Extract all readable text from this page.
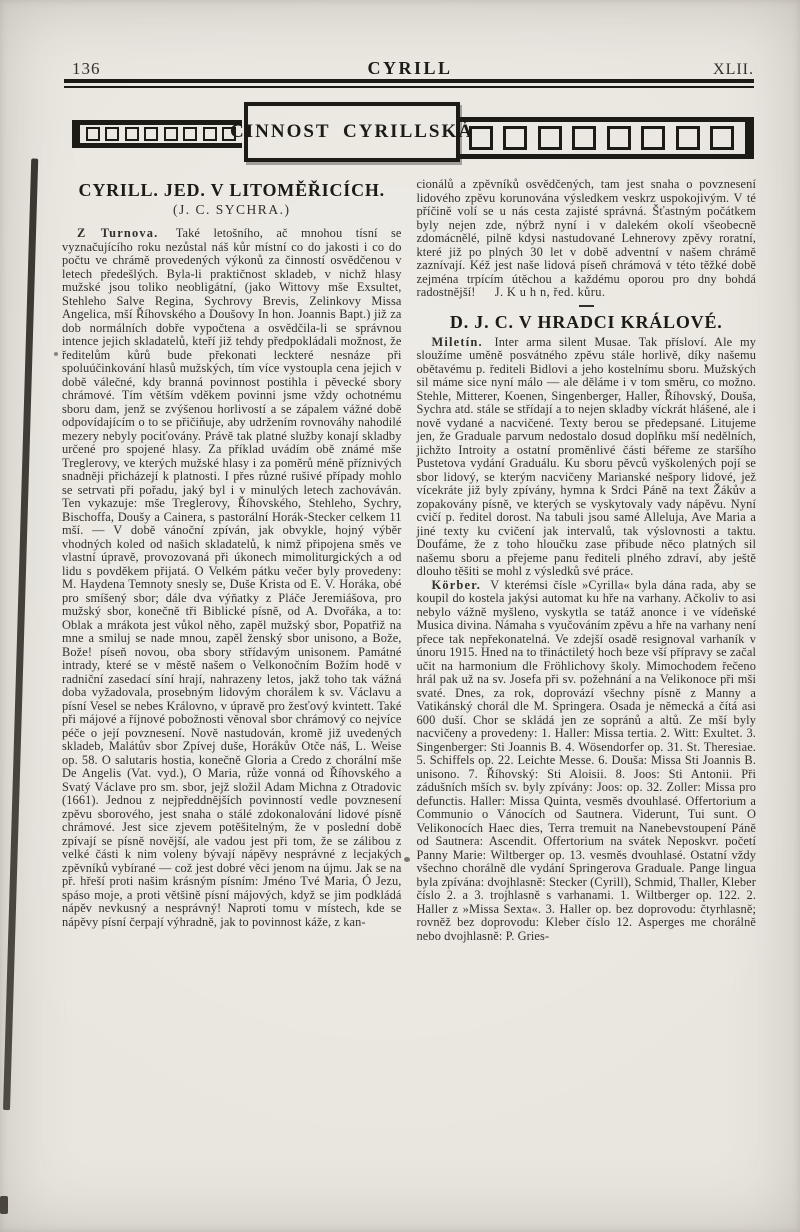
136	CYRILL	XLII.
ČINNOST CYRILLSKÁ
CYRILL. JED. V LITOMĚŘICÍCH.
(J. C. SYCHRA.)

Z Turnova. Také letošního, ač mnohou tísní se vyznačujícího roku nezůstal náš kůr místní co do jakosti i co do počtu ve chrámě provedených výkonů za činností osvědčenou v letech předešlých. Byla-li praktičnost skladeb, v nichž hlasy mužské jsou toliko neobligátní, (jako Wittovy mše Exsultet, Stehleho Salve Regina, Sychrovy Brevis, Zelinkovy Missa Angelica, mší Říhovského a Doušovy In hon. Joannis Bapt.) již za dob normálních dobře vypočtena a osvědčila-li se správnou intence jejich skladatelů, kteří již tehdy předpokládali možnost, že ředitelům kůrů bude překonati leckteré nesnáze při spoluúčinkování hlasů mužských, tím více vystoupla cena jejich v době válečné, kdy branná povinnost postihla i pěvecké sbory chrámové. Tím větším vděkem povinni jsme vždy ochotnému sboru dam, jenž se zvýšenou horlivostí a se zápalem vážné době odpovídajícím o to se přičiňuje, aby udržením rovnováhy nahodilé mezery nebyly pociťovány. Právě tak platné služby konají skladby určené pro spojené hlasy. Za příklad uvádím obě známé mše Treglerovy, ve kterých mužské hlasy i za poměrů méně příznivých snadněji přicházejí k platnosti. I přes různé rušivé případy mohlo se setrvati při pořadu, jaký byl i v minulých letech zachováván. Ten vykazuje: mše Treglerovy, Říhovského, Stehleho, Sychry, Bischoffa, Doušy a Cainera, s pastorální Horák-Stecker celkem 11 mší. — V době vánoční zpíván, jak obvykle, hojný výběr vhodných koled od našich skladatelů, k nimž připojena směs ve vlastní úpravě, provozovaná při úkonech mimoliturgických a od lidu s povděkem přijatá. O Velkém pátku večer byly provedeny: M. Haydena Temnoty snesly se, Duše Krista od E. V. Horáka, obé pro smíšený sbor; dále dva výňatky z Pláče Jeremiášova, pro mužský sbor, konečně tři Biblické písně, od A. Dvořáka, a to: Oblak a mrákota jest vůkol něho, zapěl mužský sbor, Popatřiž na mne a smiluj se nade mnou, zapěl ženský sbor unisono, a Bože, Bože! píseň novou, oba sbory střídavým unisonem. Památné intrady, které se v městě našem o Velkonočním Božím hodě v radniční zasedací síní hrají, nahrazeny letos, jakž toho tak vážná doba vyžadovala, prosebným lidovým chorálem k sv. Václavu a písní Vesel se nebes Královno, v úpravě pro žesťový kvintett. Také při májové a říjnové pobožnosti věnoval sbor chrámový co nejvíce péče o její povznesení. Nově nastudován, kromě již uvedených skladeb, Malátův sbor Zpívej duše, Horákův Otče náš, L. Weise op. 58. O salutaris hostia, konečně Gloria a Credo z chorální mše De Angelis (Vat. vyd.), O Maria, růže vonná od Říhovského a Svatý Václave pro sm. sbor, jejž složil Adam Michna z Otradovic (1661). Jednou z nejpředdnějších povinností vedle povznesení zpěvu sborového, jest snaha o stálé zdokonalování lidové písně chrámové. Jest sice zjevem potěšitelným, že v poslední době zpívají se písně novější, ale vadou jest při tom, že se zálibou z velké části k nim voleny bývají nápěvy nesprávné z lecjakých zpěvníků vybírané — což jest dobré věci jenom na újmu. Jak se na př. hřeší proti našim krásným písním: Jméno Tvé Maria, Ó Jezu, spáso moje, a proti většině písní májových, když se jim podkládá nápěv nevkusný a nesprávný! Naproti tomu v místech, kde se nápěvy písní čerpají výhradně, jak to povinnost káže, z kan-

cionálů a zpěvníků osvědčených, tam jest snaha o povznesení lidového zpěvu korunována výsledkem veskrz uspokojivým. V té příčině volí se u nás cesta zajisté správná. Šťastným počátkem byly nejen zde, nýbrž nyní i v dalekém okolí všeobecně zdomácnělé, pilně kdysi nastudované Lehnerovy zpěvy roratní, které již po plných 30 let v době adventní v našem chrámě zaznívají. Kéž jest naše lidová píseň chrámová v této těžké době zejména trpícím útěchou a každému oporou pro dny bohdá radostnější! J. K u h n, řed. kůru.

D. J. C. V HRADCI KRÁLOVÉ.

Miletín. Inter arma silent Musae. Tak přísloví. Ale my sloužíme uměně posvátného zpěvu stále horlivě, díky našemu obětavému p. řediteli Bidlovi a jeho kostelnímu sboru. Mužských sil máme sice nyní málo — ale děláme i v tom směru, co možno. Stehle, Mitterer, Koenen, Singenberger, Haller, Říhovský, Douša, Sychra atd. stále se střídají a to nejen skladby víckrát hlášené, ale i nově vydané a nacvičené. Texty berou se předepsané. Litujeme jen, že Graduale parvum nedostalo dosud doplňku mší nedělních, jichžto Introity a ostatní proměnlivé části béřeme ze staršího Pustetova vydání Graduálu. Ku sboru pěvců vyškolených pojí se sbor lidový, se kterým nacvičeny Marianské nešpory lidové, jež vícekráte již byly zpívány, hymna k Srdci Páně na text Žákův a zopakovány písně, ve kterých se vyskytovaly vady nápěvu. Nyní cvičí p. ředitel dorost. Na tabuli jsou samé Alleluja, Ave Maria a jiné texty ku cvičení jak intervalů, tak výslovnosti a taktu. Doufáme, že z toho hloučku zase přibude něco platných sil našemu sboru a přejeme panu řediteli plného zdraví, aby ještě dlouho těšiti se mohl z výsledků své práce.

Körber. V kterémsi čísle »Cyrilla« byla dána rada, aby se koupil do kostela jakýsi automat ku hře na varhany. Ačkoliv to asi nebylo vážně myšleno, vyskytla se tatáž anonce i ve vídeňské Musica divina. Námaha s vyučováním zpěvu a hře na varhany není přece tak nepřekonatelná. Ve zdejší osadě resignoval varhaník v únoru 1915. Hned na to třináctiletý hoch beze vší přípravy se začal učit na harmonium dle Fröhlichovy školy. Mimochodem řečeno hrál pak už na sv. Josefa při sv. požehnání a na Velikonoce při mši svaté. Dnes, za rok, doprovází všechny písně z Manny a Vatikánský chorál dle M. Springera. Osada je německá a čítá asi 600 duší. Chor se skládá jen ze sopránů a altů. Ze mší byly nacvičeny a provedeny: 1. Haller: Missa tertia. 2. Witt: Exultet. 3. Singenberger: Sti Joannis B. 4. Wösendorfer op. 31. St. Theresiae. 5. Schiffels op. 22. Leichte Messe. 6. Douša: Missa Sti Joannis B. unisono. 7. Říhovský: Sti Aloisii. 8. Joos: Sti Antonii. Při zádušních mších sv. byly zpívány: Joos: op. 32. Zoller: Missa pro defunctis. Haller: Missa Quinta, vesměs dvouhlasé. Offertorium a Communio o Vánocích od Sautnera. Viderunt, Tui sunt. O Velikonocích Haec dies, Terra tremuit na Nanebevstoupení Páně od Sautnera: Ascendit. Offertorium na svátek Neposkvr. početí Panny Marie: Wiltberger op. 13. vesměs dvouhlasé. Ostatní vždy všechno chorálně dle vydání Springerova Graduale. Pange lingua byla zpívána: dvojhlasně: Stecker (Cyrill), Schmid, Thaller, Kleber číslo 2. a 3. trojhlasně s varhanami. 1. Wiltberger op. 122. 2. Haller z »Missa Sexta«. 3. Haller op. bez doprovodu: čtyrhlasně; rovněž bez doprovodu: Kleber číslo 12. Asperges me chorálně nebo dvojhlasně: P. Gries-
